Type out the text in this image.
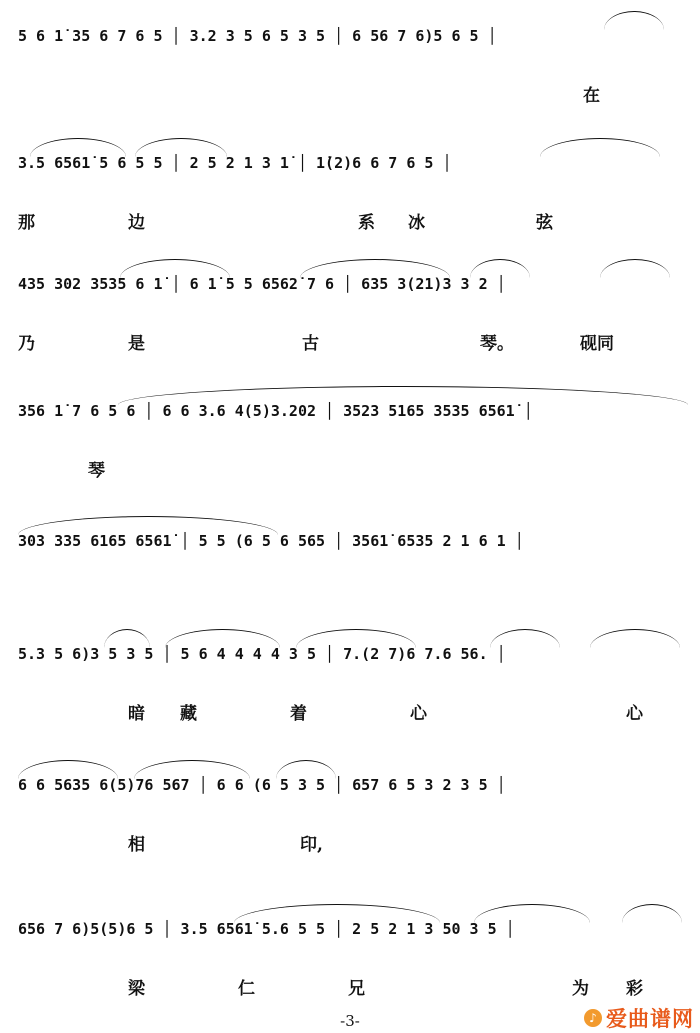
5 6 1̇ 35 6 7 6 5 │ 3.2 3 5 6 5 3 5 │ 6 56 7 6)5 6 5 │
在
3.5 6561̇ 5 6 5 5 │ 2 5 2 1 3 1̇ │ 1̇(2)6 6 7 6 5 │
那	边	系 冰	弦
435 302 3535 6 1̇ │ 6 1̇ 5 5 6562̇ 7 6 │ 635 3(21)3 3 2 │
乃	是	古	琴。	砚同
356 1̇ 7 6 5 6 │ 6 6 3.6 4(5)3.202 │ 3523 5165 3535 6561̇ │
琴
303 335 6165 6561̇ │ 5 5 (6 5 6 565 │ 3561̇ 6535 2 1 6 1 │
5.3 5 6)3 5 3 5 │ 5 6 4 4 4 4 3 5 │ 7.(2 7)6 7.6 56. │
暗 藏	着	心	心
6 6 5635 6(5)76 567 │ 6 6 (6 5 3 5 │ 657 6 5 3 2 3 5 │
相	印,
656 7 6)5(5)6 5 │ 3.5 6561̇ 5.6 5 5 │ 2 5 2 1 3 50 3 5 │
梁	仁	兄	为 彩
-3-	♪ 爱曲谱网
